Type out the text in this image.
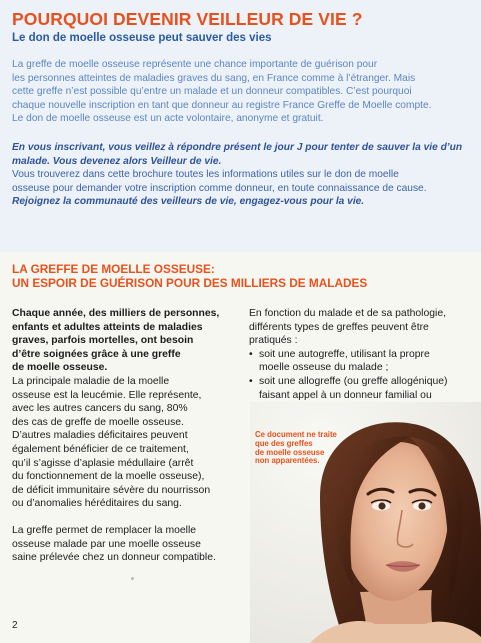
POURQUOI DEVENIR VEILLEUR DE VIE ?
Le don de moelle osseuse peut sauver des vies

La greffe de moelle osseuse représente une chance importante de guérison pour

les personnes atteintes de maladies graves du sang, en France comme à l’étranger. Mais

cette greffe n’est possible qu’entre un malade et un donneur compatibles. C’est pourquoi

chaque nouvelle inscription en tant que donneur au registre France Greffe de Moelle compte.

Le don de moelle osseuse est un acte volontaire, anonyme et gratuit.

En vous inscrivant, vous veillez à répondre présent le jour J pour tenter de sauver la vie d’un

malade. Vous devenez alors Veilleur de vie.

Vous trouverez dans cette brochure toutes les informations utiles sur le don de moelle

osseuse pour demander votre inscription comme donneur, en toute connaissance de cause.

Rejoignez la communauté des veilleurs de vie, engagez-vous pour la vie.

LA GREFFE DE MOELLE OSSEUSE:
UN ESPOIR DE GUÉRISON POUR DES MILLIERS DE MALADES

Chaque année, des milliers de personnes,

enfants et adultes atteints de maladies

graves, parfois mortelles, ont besoin

d’être soignées grâce à une greffe

de moelle osseuse.

La principale maladie de la moelle

osseuse est la leucémie. Elle représente,

avec les autres cancers du sang, 80%

des cas de greffe de moelle osseuse.

D’autres maladies déficitaires peuvent

également bénéficier de ce traitement,

qu’il s’agisse d’aplasie médullaire (arrêt

du fonctionnement de la moelle osseuse),

de déficit immunitaire sévère du nourrisson

ou d’anomalies héréditaires du sang.

La greffe permet de remplacer la moelle

osseuse malade par une moelle osseuse

saine prélevée chez un donneur compatible.

En fonction du malade et de sa pathologie,

différents types de greffes peuvent être

pratiqués :

• soit une autogreffe, utilisant la propre
moelle osseuse du malade ;
• soit une allogreffe (ou greffe allogénique)
faisant appel à un donneur familial ou
Ce document ne traite
que des greffes
de moelle osseuse
non apparentées.
2
